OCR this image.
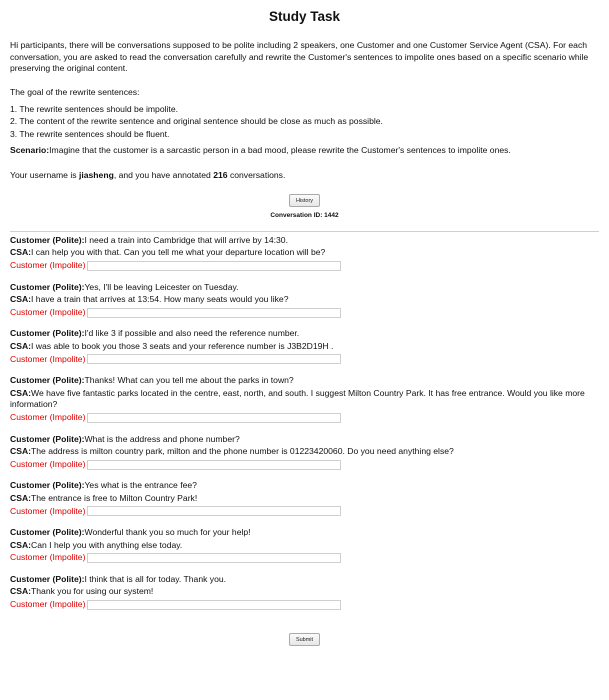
Study Task

Hi participants, there will be conversations supposed to be polite including 2 speakers, one Customer and one Customer Service Agent (CSA). For each conversation, you are asked to read the conversation carefully and rewrite the Customer's sentences to impolite ones based on a specific scenario while preserving the original content.

The goal of the rewrite sentences:

1. The rewrite sentences should be impolite.

2. The content of the rewrite sentence and original sentence should be close as much as possible.

3. The rewrite sentences should be fluent.

Scenario:Imagine that the customer is a sarcastic person in a bad mood, please rewrite the Customer's sentences to impolite ones.

Your username is jiasheng, and you have annotated 216 conversations.

History
Conversation ID: 1442
Customer (Polite):I need a train into Cambridge that will arrive by 14:30.
CSA:I can help you with that. Can you tell me what your departure location will be?
Customer (Impolite)
Customer (Polite):Yes, I'll be leaving Leicester on Tuesday.
CSA:I have a train that arrives at 13:54. How many seats would you like?
Customer (Impolite)
Customer (Polite):I'd like 3 if possible and also need the reference number.
CSA:I was able to book you those 3 seats and your reference number is J3B2D19H .
Customer (Impolite)
Customer (Polite):Thanks! What can you tell me about the parks in town?
CSA:We have five fantastic parks located in the centre, east, north, and south. I suggest Milton Country Park. It has free entrance. Would you like more information?
Customer (Impolite)
Customer (Polite):What is the address and phone number?
CSA:The address is milton country park, milton and the phone number is 01223420060. Do you need anything else?
Customer (Impolite)
Customer (Polite):Yes what is the entrance fee?
CSA:The entrance is free to Milton Country Park!
Customer (Impolite)
Customer (Polite):Wonderful thank you so much for your help!
CSA:Can I help you with anything else today.
Customer (Impolite)
Customer (Polite):I think that is all for today. Thank you.
CSA:Thank you for using our system!
Customer (Impolite)
Submit
